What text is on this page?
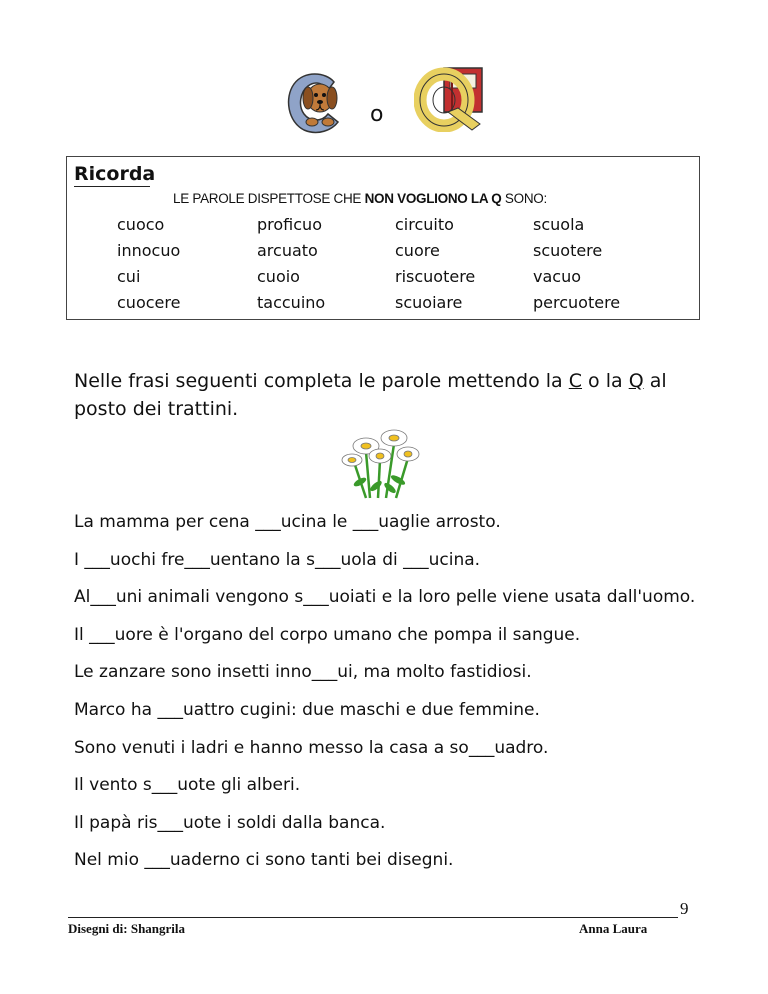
o
Ricorda
LE PAROLE DISPETTOSE CHE NON VOGLIONO LA Q SONO:
cuoco	proficuo	circuito	scuola
innocuo	arcuato	cuore	scuotere
cui	cuoio	riscuotere	vacuo
cuocere	taccuino	scuoiare	percuotere
Nelle frasi seguenti completa le parole mettendo la C o la Q al posto dei trattini.
La mamma per cena ___ucina le ___uaglie arrosto.
I ___uochi fre___uentano la s___uola di ___ucina.
Al___uni animali vengono s___uoiati e la loro pelle viene usata dall'uomo.
Il ___uore è l'organo del corpo umano che pompa il sangue.
Le zanzare sono insetti inno___ui, ma molto fastidiosi.
Marco ha ___uattro cugini: due maschi e due femmine.
Sono venuti i ladri e hanno messo la casa a so___uadro.
Il vento s___uote gli alberi.
Il papà ris___uote i soldi dalla banca.
Nel mio ___uaderno ci sono tanti bei disegni.
9
Disegni di: Shangrila	Anna Laura
